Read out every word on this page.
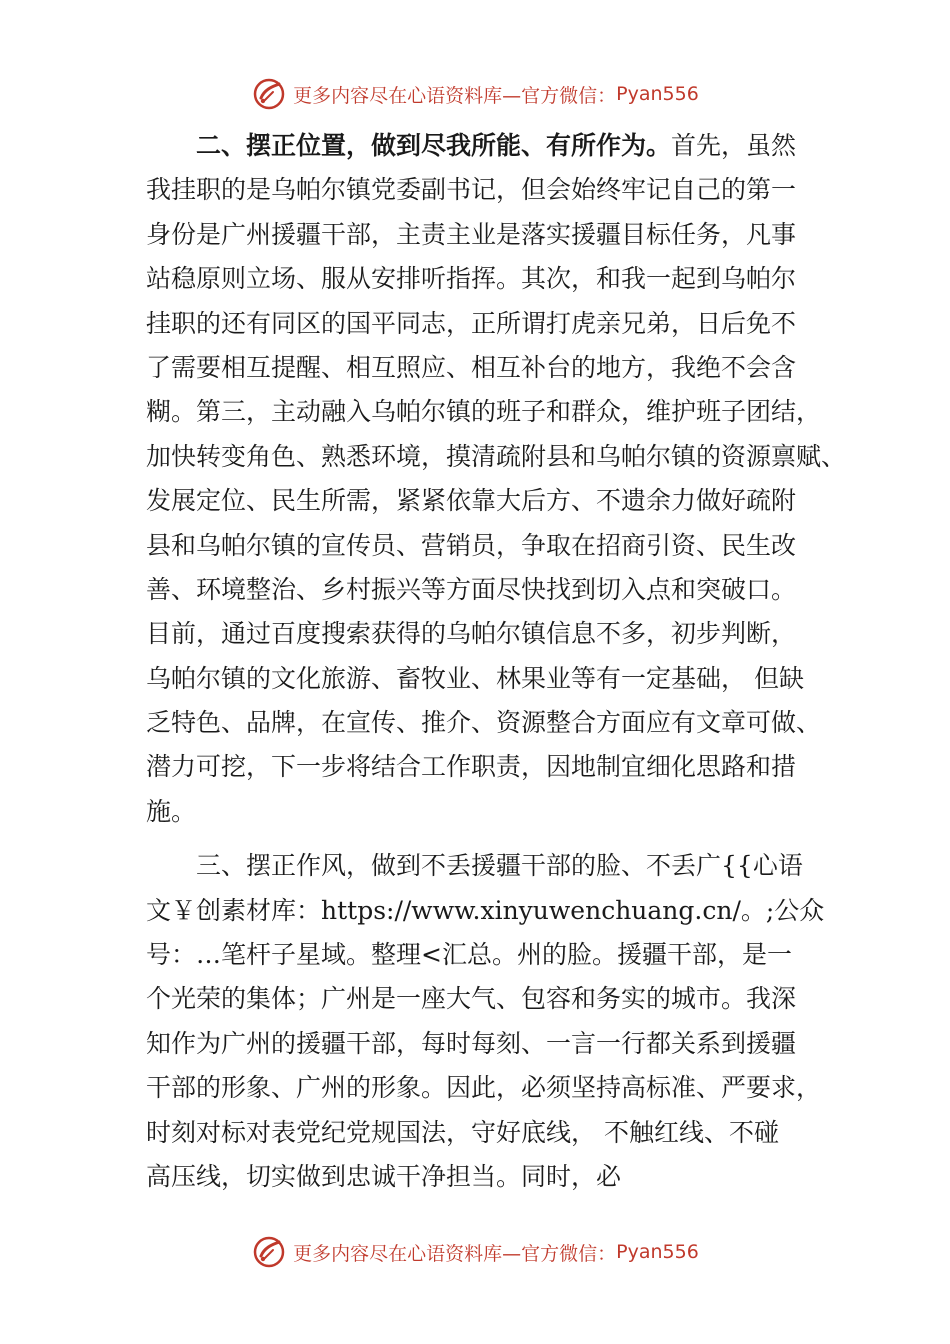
更多内容尽在心语资料库—官方微信： Pyan556
二、摆正位置，做到尽我所能、有所作为。首先，虽然
我挂职的是乌帕尔镇党委副书记，但会始终牢记自己的第一
身份是广州援疆干部，主责主业是落实援疆目标任务，凡事
站稳原则立场、服从安排听指挥。其次，和我一起到乌帕尔
挂职的还有同区的国平同志，正所谓打虎亲兄弟，日后免不
了需要相互提醒、相互照应、相互补台的地方，我绝不会含
糊。第三，主动融入乌帕尔镇的班子和群众，维护班子团结，
加快转变角色、熟悉环境，摸清疏附县和乌帕尔镇的资源禀赋、
发展定位、民生所需，紧紧依靠大后方、不遗余力做好疏附
县和乌帕尔镇的宣传员、营销员，争取在招商引资、民生改
善、环境整治、乡村振兴等方面尽快找到切入点和突破口。
目前，通过百度搜索获得的乌帕尔镇信息不多，初步判断，
乌帕尔镇的文化旅游、畜牧业、林果业等有一定基础， 但缺
乏特色、品牌，在宣传、推介、资源整合方面应有文章可做、
潜力可挖，下一步将结合工作职责，因地制宜细化思路和措
施。
三、摆正作风，做到不丢援疆干部的脸、不丢广{{心语
文￥创素材库：https://www.xinyuwenchuang.cn/。;公众
号：…笔杆子星域。整理<汇总。州的脸。援疆干部，是一
个光荣的集体；广州是一座大气、包容和务实的城市。我深
知作为广州的援疆干部，每时每刻、一言一行都关系到援疆
干部的形象、广州的形象。因此，必须坚持高标准、严要求，
时刻对标对表党纪党规国法，守好底线， 不触红线、不碰
高压线，切实做到忠诚干净担当。同时，必
更多内容尽在心语资料库—官方微信： Pyan556
